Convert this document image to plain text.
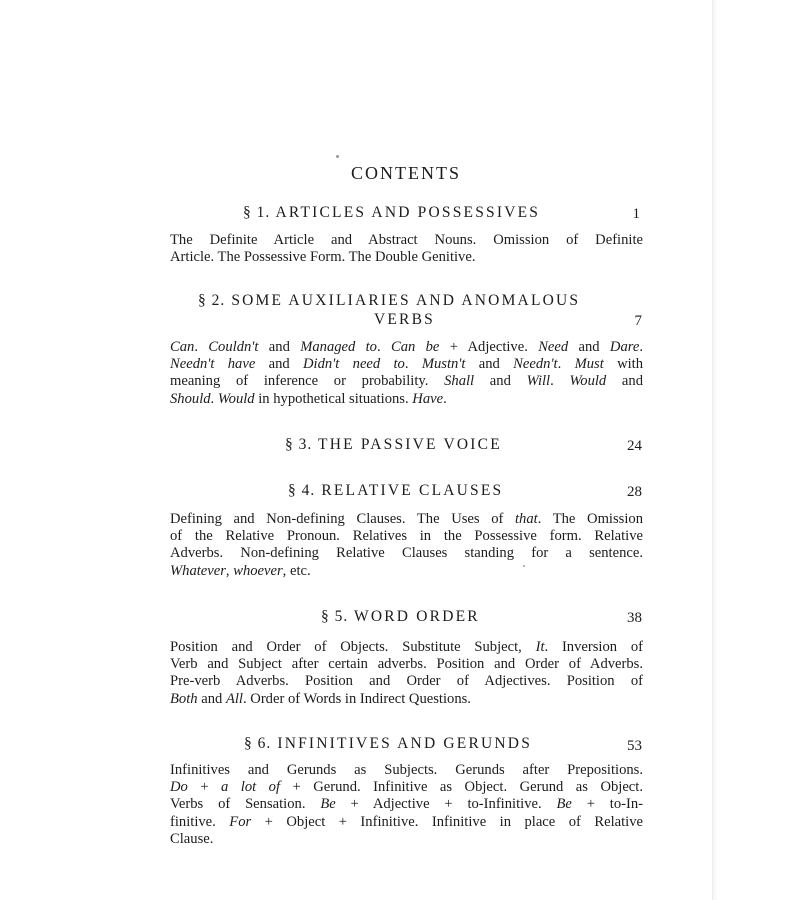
CONTENTS
§ 1. ARTICLES AND POSSESSIVES	1
The Definite Article and Abstract Nouns. Omission of Definite
Article. The Possessive Form. The Double Genitive.
§ 2. SOME AUXILIARIES AND ANOMALOUS
VERBS	7
Can. Couldn't and Managed to. Can be + Adjective. Need and Dare.
Needn't have and Didn't need to. Mustn't and Needn't. Must with
meaning of inference or probability. Shall and Will. Would and
Should. Would in hypothetical situations. Have.
§ 3. THE PASSIVE VOICE	24
§ 4. RELATIVE CLAUSES	28
Defining and Non-defining Clauses. The Uses of that. The Omission
of the Relative Pronoun. Relatives in the Possessive form. Relative
Adverbs. Non-defining Relative Clauses standing for a sentence.
Whatever, whoever, etc.
§ 5. WORD ORDER	38
Position and Order of Objects. Substitute Subject, It. Inversion of
Verb and Subject after certain adverbs. Position and Order of Adverbs.
Pre-verb Adverbs. Position and Order of Adjectives. Position of
Both and All. Order of Words in Indirect Questions.
§ 6. INFINITIVES AND GERUNDS	53
Infinitives and Gerunds as Subjects. Gerunds after Prepositions.
Do + a lot of + Gerund. Infinitive as Object. Gerund as Object.
Verbs of Sensation. Be + Adjective + to-Infinitive. Be + to-In-
finitive. For + Object + Infinitive. Infinitive in place of Relative
Clause.
